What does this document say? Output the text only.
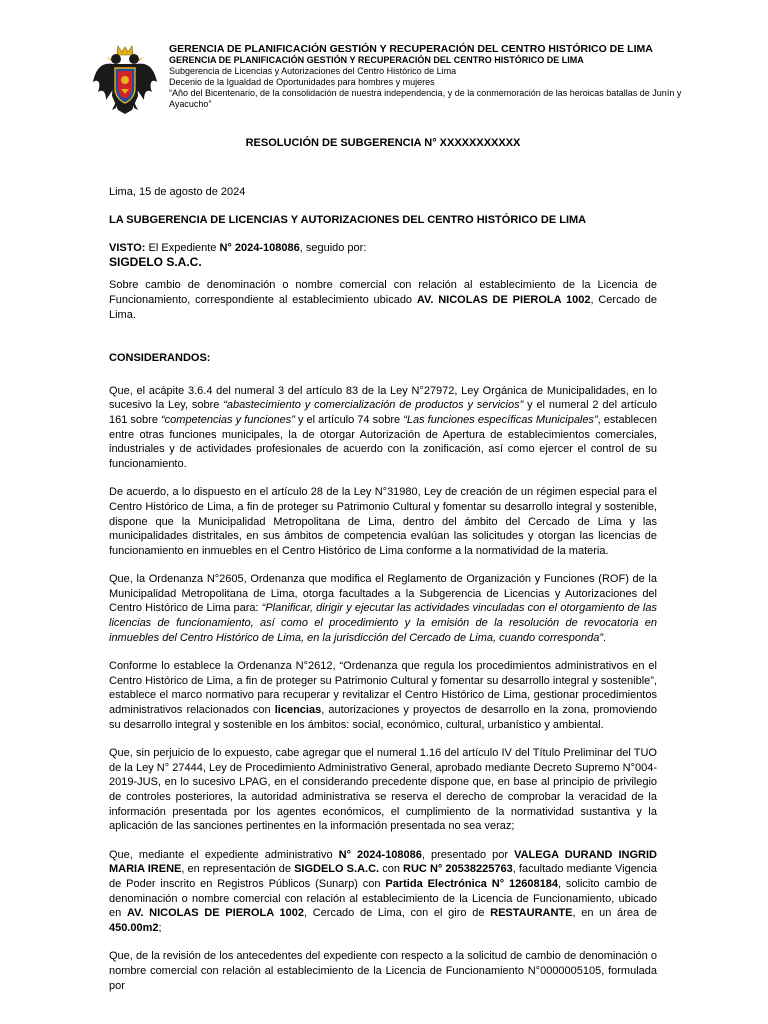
GERENCIA DE PLANIFICACIÓN GESTIÓN Y RECUPERACIÓN DEL CENTRO HISTÓRICO DE LIMA
GERENCIA DE PLANIFICACIÓN GESTIÓN Y RECUPERACIÓN DEL CENTRO HISTÓRICO DE LIMA
Subgerencia de Licencias y Autorizaciones del Centro Histórico de Lima
Decenio de la Igualdad de Oportunidades para hombres y mujeres
“Año del Bicentenario, de la consolidación de nuestra independencia, y de la conmemoración de las heroicas batallas de Junín y Ayacucho”
RESOLUCIÓN DE SUBGERENCIA N° XXXXXXXXXXX
Lima, 15 de agosto de 2024
LA SUBGERENCIA DE LICENCIAS Y AUTORIZACIONES DEL CENTRO HISTÓRICO DE LIMA
VISTO: El Expediente N° 2024-108086, seguido por:
SIGDELO S.A.C.

Sobre cambio de denominación o nombre comercial con relación al establecimiento de la Licencia de Funcionamiento, correspondiente al establecimiento ubicado AV. NICOLAS DE PIEROLA 1002, Cercado de Lima.

CONSIDERANDOS:

Que, el acápite 3.6.4 del numeral 3 del artículo 83 de la Ley N°27972, Ley Orgánica de Municipalidades, en lo sucesivo la Ley, sobre “abastecimiento y comercialización de productos y servicios” y el numeral 2 del artículo 161 sobre “competencias y funciones” y el artículo 74 sobre “Las funciones específicas Municipales”, establecen entre otras funciones municipales, la de otorgar Autorización de Apertura de establecimientos comerciales, industriales y de actividades profesionales de acuerdo con la zonificación, así como ejercer el control de su funcionamiento.

De acuerdo, a lo dispuesto en el artículo 28 de la Ley N°31980, Ley de creación de un régimen especial para el Centro Histórico de Lima, a fin de proteger su Patrimonio Cultural y fomentar su desarrollo integral y sostenible, dispone que la Municipalidad Metropolitana de Lima, dentro del ámbito del Cercado de Lima y las municipalidades distritales, en sus ámbitos de competencia evalúan las solicitudes y otorgan las licencias de funcionamiento en inmuebles en el Centro Histórico de Lima conforme a la normatividad de la materia.

Que, la Ordenanza N°2605, Ordenanza que modifica el Reglamento de Organización y Funciones (ROF) de la Municipalidad Metropolitana de Lima, otorga facultades a la Subgerencia de Licencias y Autorizaciones del Centro Histórico de Lima para: “Planificar, dirigir y ejecutar las actividades vinculadas con el otorgamiento de las licencias de funcionamiento, así como el procedimiento y la emisión de la resolución de revocatoria en inmuebles del Centro Histórico de Lima, en la jurisdicción del Cercado de Lima, cuando corresponda”.

Conforme lo establece la Ordenanza N°2612, “Ordenanza que regula los procedimientos administrativos en el Centro Histórico de Lima, a fin de proteger su Patrimonio Cultural y fomentar su desarrollo integral y sostenible”, establece el marco normativo para recuperar y revitalizar el Centro Histórico de Lima, gestionar procedimientos administrativos relacionados con licencias, autorizaciones y proyectos de desarrollo en la zona, promoviendo su desarrollo integral y sostenible en los ámbitos: social, económico, cultural, urbanístico y ambiental.

Que, sin perjuicio de lo expuesto, cabe agregar que el numeral 1.16 del artículo IV del Título Preliminar del TUO de la Ley N° 27444, Ley de Procedimiento Administrativo General, aprobado mediante Decreto Supremo N°004-2019-JUS, en lo sucesivo LPAG, en el considerando precedente dispone que, en base al principio de privilegio de controles posteriores, la autoridad administrativa se reserva el derecho de comprobar la veracidad de la información presentada por los agentes económicos, el cumplimiento de la normatividad sustantiva y la aplicación de las sanciones pertinentes en la información presentada no sea veraz;

Que, mediante el expediente administrativo N° 2024-108086, presentado por VALEGA DURAND INGRID MARIA IRENE, en representación de SIGDELO S.A.C. con RUC N° 20538225763, facultado mediante Vigencia de Poder inscrito en Registros Públicos (Sunarp) con Partida Electrónica N° 12608184, solicito cambio de denominación o nombre comercial con relación al establecimiento de la Licencia de Funcionamiento, ubicado en AV. NICOLAS DE PIEROLA 1002, Cercado de Lima, con el giro de RESTAURANTE, en un área de 450.00m2;

Que, de la revisión de los antecedentes del expediente con respecto a la solicitud de cambio de denominación o nombre comercial con relación al establecimiento de la Licencia de Funcionamiento N°0000005105, formulada por
